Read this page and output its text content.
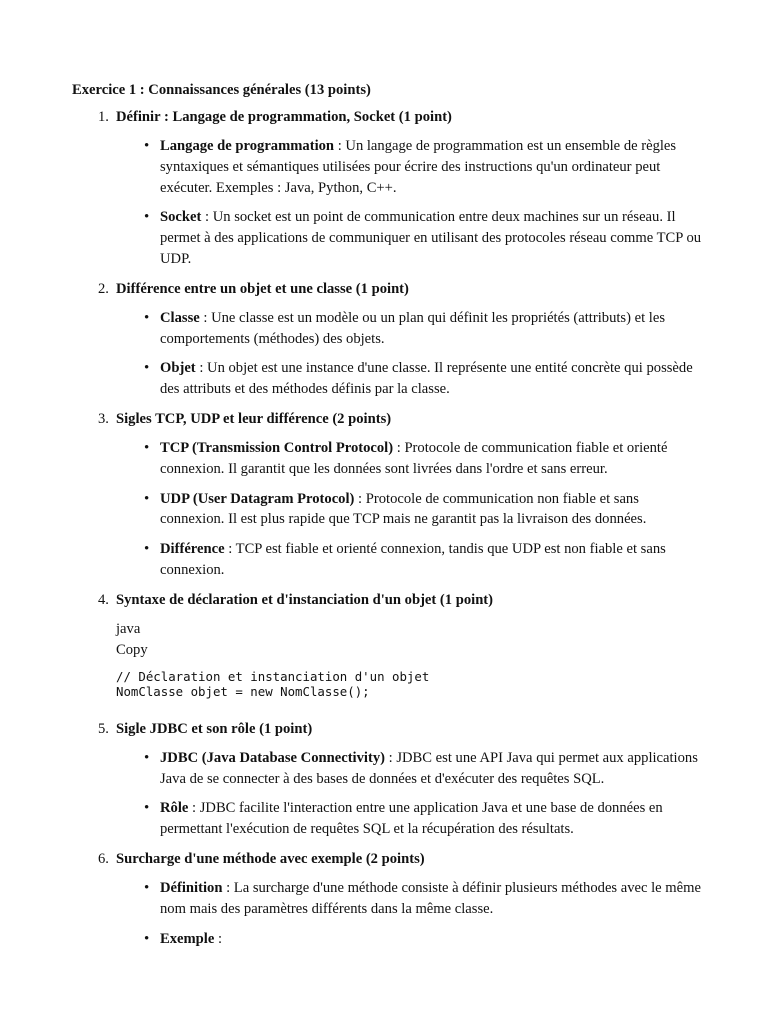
Exercice 1 : Connaissances générales (13 points)
1. Définir : Langage de programmation, Socket (1 point)
• Langage de programmation : Un langage de programmation est un ensemble de règles syntaxiques et sémantiques utilisées pour écrire des instructions qu'un ordinateur peut exécuter. Exemples : Java, Python, C++.
• Socket : Un socket est un point de communication entre deux machines sur un réseau. Il permet à des applications de communiquer en utilisant des protocoles réseau comme TCP ou UDP.
2. Différence entre un objet et une classe (1 point)
• Classe : Une classe est un modèle ou un plan qui définit les propriétés (attributs) et les comportements (méthodes) des objets.
• Objet : Un objet est une instance d'une classe. Il représente une entité concrète qui possède des attributs et des méthodes définis par la classe.
3. Sigles TCP, UDP et leur différence (2 points)
• TCP (Transmission Control Protocol) : Protocole de communication fiable et orienté connexion. Il garantit que les données sont livrées dans l'ordre et sans erreur.
• UDP (User Datagram Protocol) : Protocole de communication non fiable et sans connexion. Il est plus rapide que TCP mais ne garantit pas la livraison des données.
• Différence : TCP est fiable et orienté connexion, tandis que UDP est non fiable et sans connexion.
4. Syntaxe de déclaration et d'instanciation d'un objet (1 point)
java
Copy
// Déclaration et instanciation d'un objet
NomClasse objet = new NomClasse();
5. Sigle JDBC et son rôle (1 point)
• JDBC (Java Database Connectivity) : JDBC est une API Java qui permet aux applications Java de se connecter à des bases de données et d'exécuter des requêtes SQL.
• Rôle : JDBC facilite l'interaction entre une application Java et une base de données en permettant l'exécution de requêtes SQL et la récupération des résultats.
6. Surcharge d'une méthode avec exemple (2 points)
• Définition : La surcharge d'une méthode consiste à définir plusieurs méthodes avec le même nom mais des paramètres différents dans la même classe.
• Exemple :
